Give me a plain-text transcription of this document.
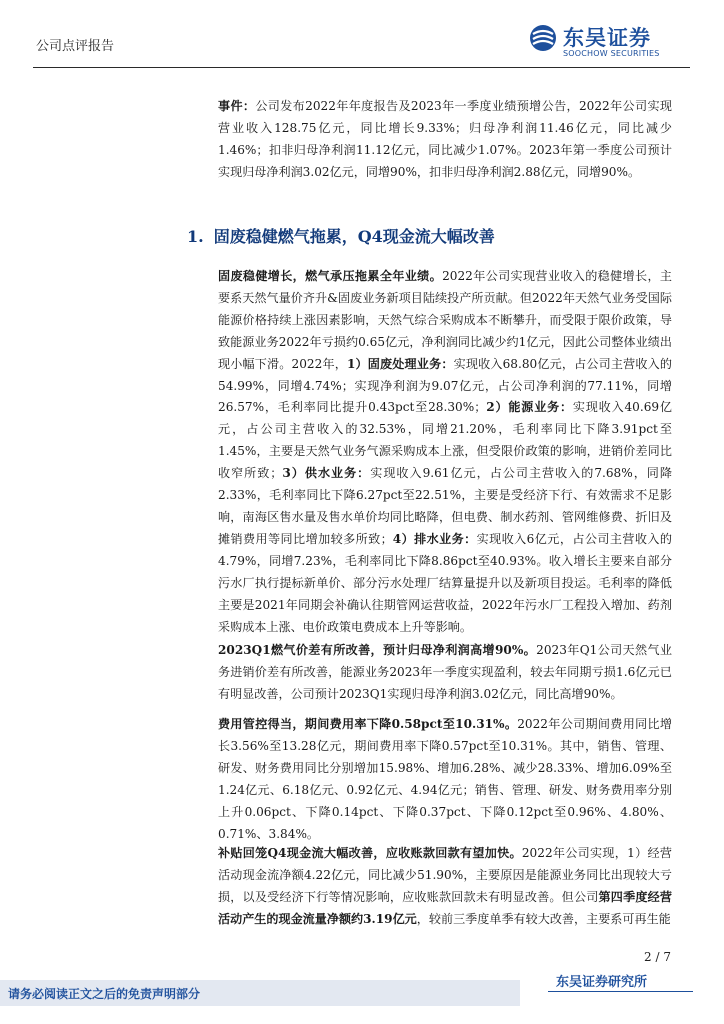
公司点评报告	东吴证券
SOOCHOW SECURITIES

事件：公司发布2022年年度报告及2023年一季度业绩预增公告，2022年公司实现营业收入128.75亿元，同比增长9.33%；归母净利润11.46亿元，同比减少1.46%；扣非归母净利润11.12亿元，同比减少1.07%。2023年第一季度公司预计实现归母净利润3.02亿元，同增90%，扣非归母净利润2.88亿元，同增90%。

1. 固废稳健燃气拖累，Q4现金流大幅改善

固废稳健增长，燃气承压拖累全年业绩。2022年公司实现营业收入的稳健增长，主要系天然气量价齐升&固废业务新项目陆续投产所贡献。但2022年天然气业务受国际能源价格持续上涨因素影响，天然气综合采购成本不断攀升，而受限于限价政策，导致能源业务2022年亏损约0.65亿元，净利润同比减少约1亿元，因此公司整体业绩出现小幅下滑。2022年，1）固废处理业务：实现收入68.80亿元，占公司主营收入的54.99%，同增4.74%；实现净利润为9.07亿元，占公司净利润的77.11%，同增26.57%，毛利率同比提升0.43pct至28.30%；2）能源业务：实现收入40.69亿元，占公司主营收入的32.53%，同增21.20%，毛利率同比下降3.91pct至1.45%，主要是天然气业务气源采购成本上涨，但受限价政策的影响，进销价差同比收窄所致；3）供水业务：实现收入9.61亿元，占公司主营收入的7.68%，同降2.33%，毛利率同比下降6.27pct至22.51%，主要是受经济下行、有效需求不足影响，南海区售水量及售水单价均同比略降，但电费、制水药剂、管网维修费、折旧及摊销费用等同比增加较多所致；4）排水业务：实现收入6亿元，占公司主营收入的4.79%，同增7.23%，毛利率同比下降8.86pct至40.93%。收入增长主要来自部分污水厂执行提标新单价、部分污水处理厂结算量提升以及新项目投运。毛利率的降低主要是2021年同期会补确认往期管网运营收益，2022年污水厂工程投入增加、药剂采购成本上涨、电价政策电费成本上升等影响。

2023Q1燃气价差有所改善，预计归母净利润高增90%。2023年Q1公司天然气业务进销价差有所改善，能源业务2023年一季度实现盈利，较去年同期亏损1.6亿元已有明显改善，公司预计2023Q1实现归母净利润3.02亿元，同比高增90%。

费用管控得当，期间费用率下降0.58pct至10.31%。2022年公司期间费用同比增长3.56%至13.28亿元，期间费用率下降0.57pct至10.31%。其中，销售、管理、研发、财务费用同比分别增加15.98%、增加6.28%、减少28.33%、增加6.09%至1.24亿元、6.18亿元、0.92亿元、4.94亿元；销售、管理、研发、财务费用率分别上升0.06pct、下降0.14pct、下降0.37pct、下降0.12pct至0.96%、4.80%、0.71%、3.84%。

补贴回笼Q4现金流大幅改善，应收账款回款有望加快。2022年公司实现，1）经营活动现金流净额4.22亿元，同比减少51.90%，主要原因是能源业务同比出现较大亏损，以及受经济下行等情况影响，应收账款回款未有明显改善。但公司第四季度经营活动产生的现金流量净额约3.19亿元，较前三季度单季有较大改善，主要系可再生能

2 / 7
请务必阅读正文之后的免责声明部分
东吴证券研究所
